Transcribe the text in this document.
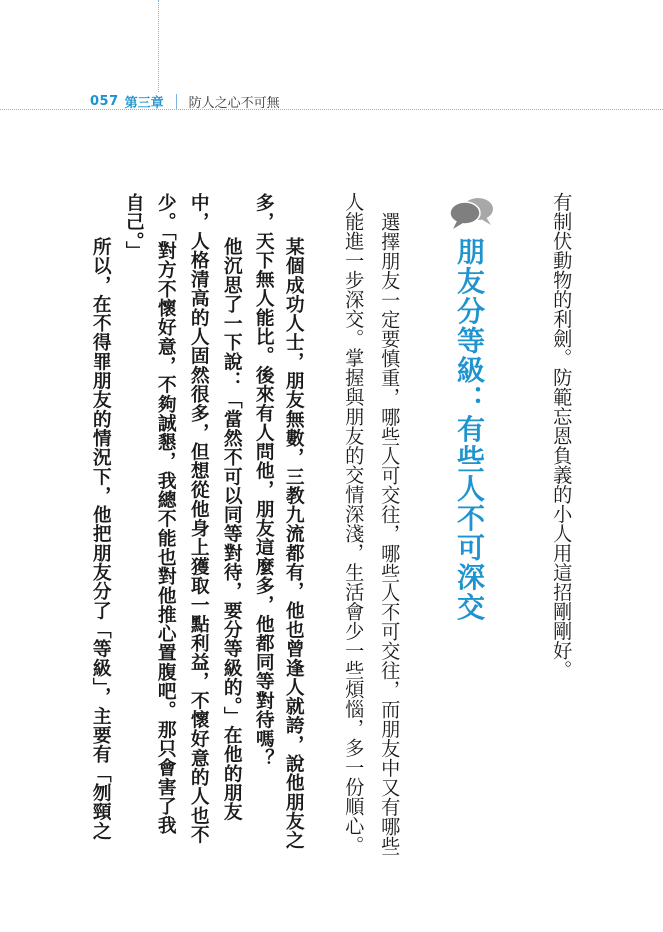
057 第三章 防人之心不可無
有制伏動物的利劍。防範忘恩負義的小人用這招剛剛好。
朋友分等級：有些人不可深交
選擇朋友一定要慎重，哪些人可交往，哪些人不可交往，而朋友中又有哪些
人能進一步深交。掌握與朋友的交情深淺，生活會少一些煩惱，多一份順心。
某個成功人士，朋友無數，三教九流都有，他也曾逢人就誇，說他朋友之
多，天下無人能比。後來有人問他，朋友這麼多，他都同等對待嗎？
他沉思了一下說：「當然不可以同等對待，要分等級的。」在他的朋友
中，人格清高的人固然很多，但想從他身上獲取一點利益，不懷好意的人也不
少。「對方不懷好意，不夠誠懇，我總不能也對他推心置腹吧。那只會害了我
自己。」
所以，在不得罪朋友的情況下，他把朋友分了「等級」，主要有「刎頸之
